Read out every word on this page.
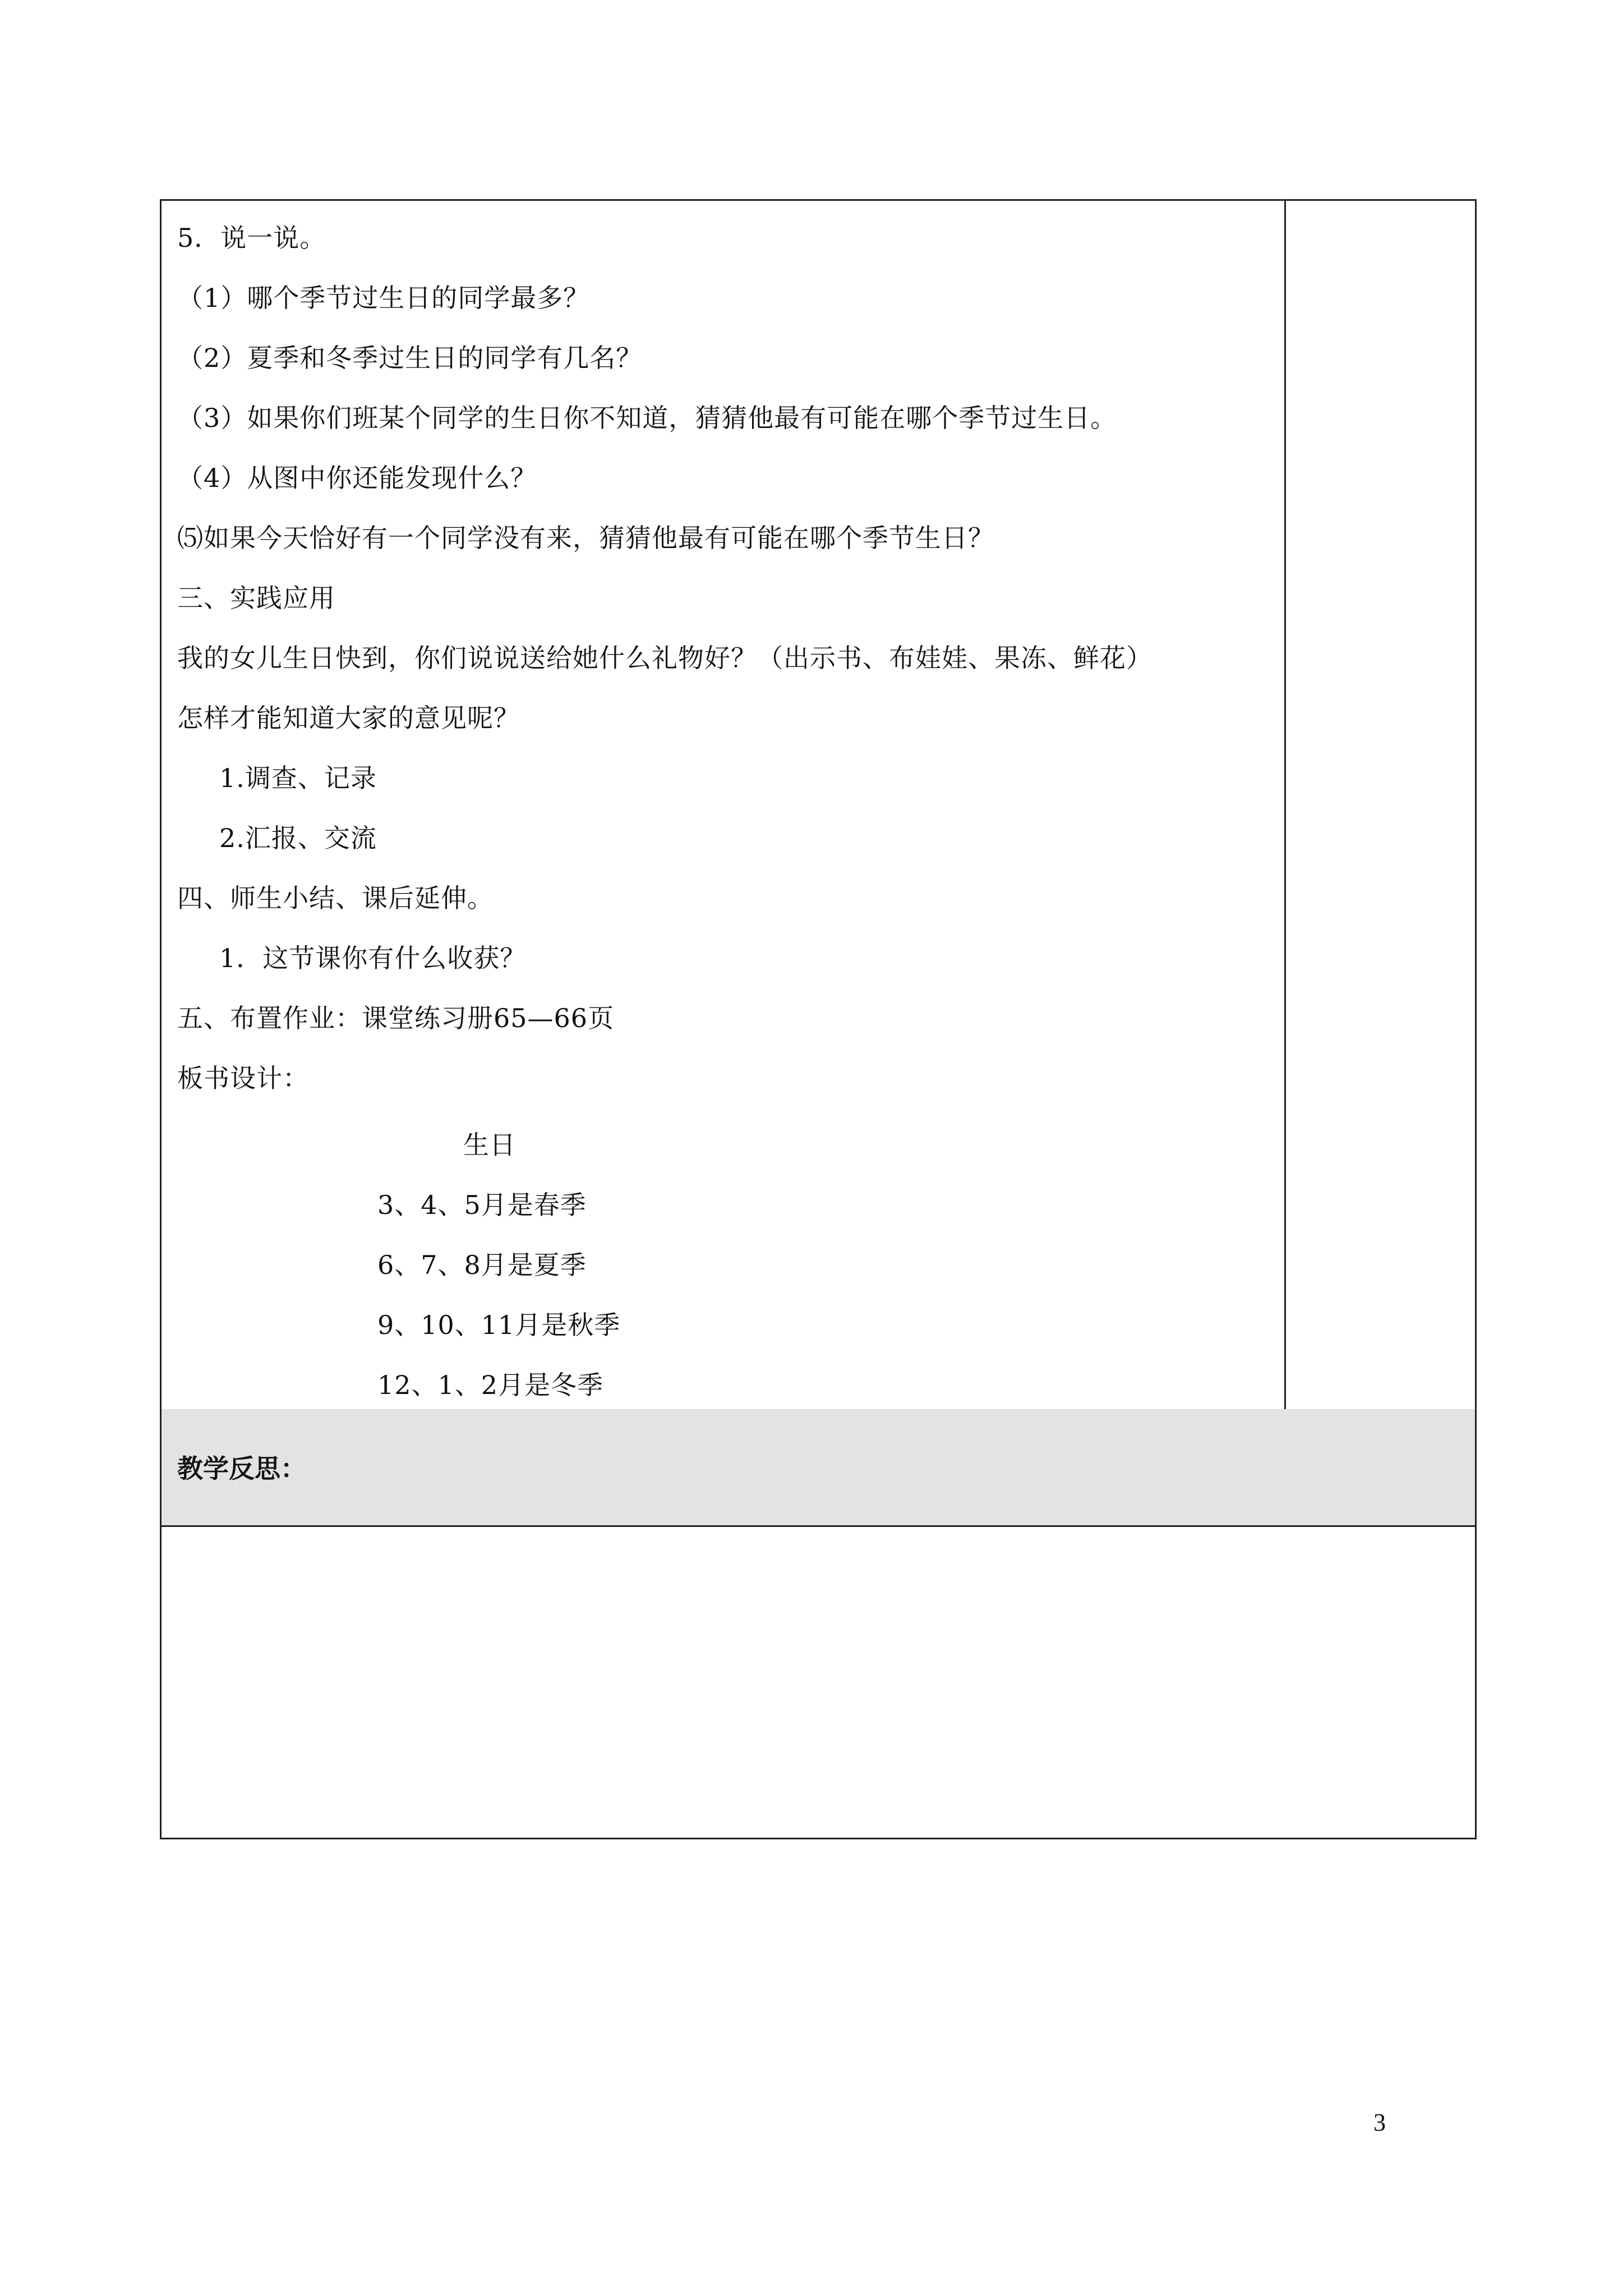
5．说一说。
（1）哪个季节过生日的同学最多？
（2）夏季和冬季过生日的同学有几名？
（3）如果你们班某个同学的生日你不知道，猜猜他最有可能在哪个季节过生日。
（4）从图中你还能发现什么？
⑸如果今天恰好有一个同学没有来，猜猜他最有可能在哪个季节生日？
三、实践应用
我的女儿生日快到，你们说说送给她什么礼物好？（出示书、布娃娃、果冻、鲜花）
怎样才能知道大家的意见呢？
1.调查、记录
2.汇报、交流
四、师生小结、课后延伸。
1．这节课你有什么收获？
五、布置作业：课堂练习册65—66页
板书设计：
生日
3、4、5月是春季
6、7、8月是夏季
9、10、11月是秋季
12、1、2月是冬季
教学反思：
3
